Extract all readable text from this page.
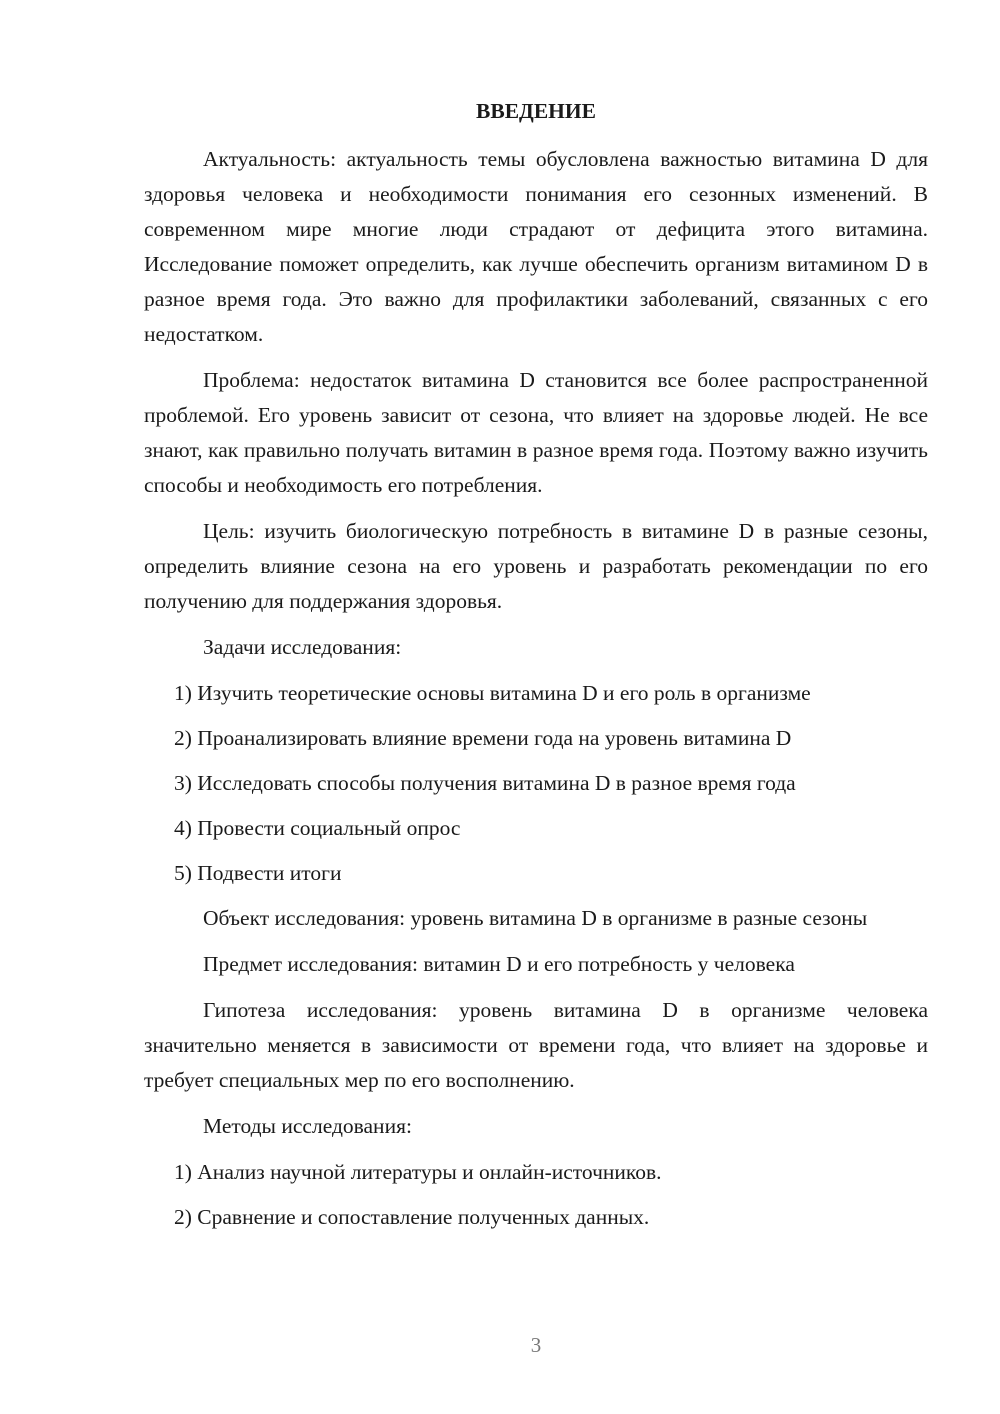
ВВЕДЕНИЕ

Актуальность: актуальность темы обусловлена важностью витамина D для здоровья человека и необходимости понимания его сезонных изменений. В современном мире многие люди страдают от дефицита этого витамина. Исследование поможет определить, как лучше обеспечить организм витамином D в разное время года. Это важно для профилактики заболеваний, связанных с его недостатком.

Проблема: недостаток витамина D становится все более распространенной проблемой. Его уровень зависит от сезона, что влияет на здоровье людей. Не все знают, как правильно получать витамин в разное время года. Поэтому важно изучить способы и необходимость его потребления.

Цель: изучить биологическую потребность в витамине D в разные сезоны, определить влияние сезона на его уровень и разработать рекомендации по его получению для поддержания здоровья.

Задачи исследования:
1) Изучить теоретические основы витамина D и его роль в организме
2) Проанализировать влияние времени года на уровень витамина D
3) Исследовать способы получения витамина D в разное время года
4) Провести социальный опрос
5) Подвести итоги

Объект исследования: уровень витамина D в организме в разные сезоны

Предмет исследования: витамин D и его потребность у человека

Гипотеза исследования: уровень витамина D в организме человека значительно меняется в зависимости от времени года, что влияет на здоровье и требует специальных мер по его восполнению.

Методы исследования:
1) Анализ научной литературы и онлайн-источников.
2) Сравнение и сопоставление полученных данных.
3
